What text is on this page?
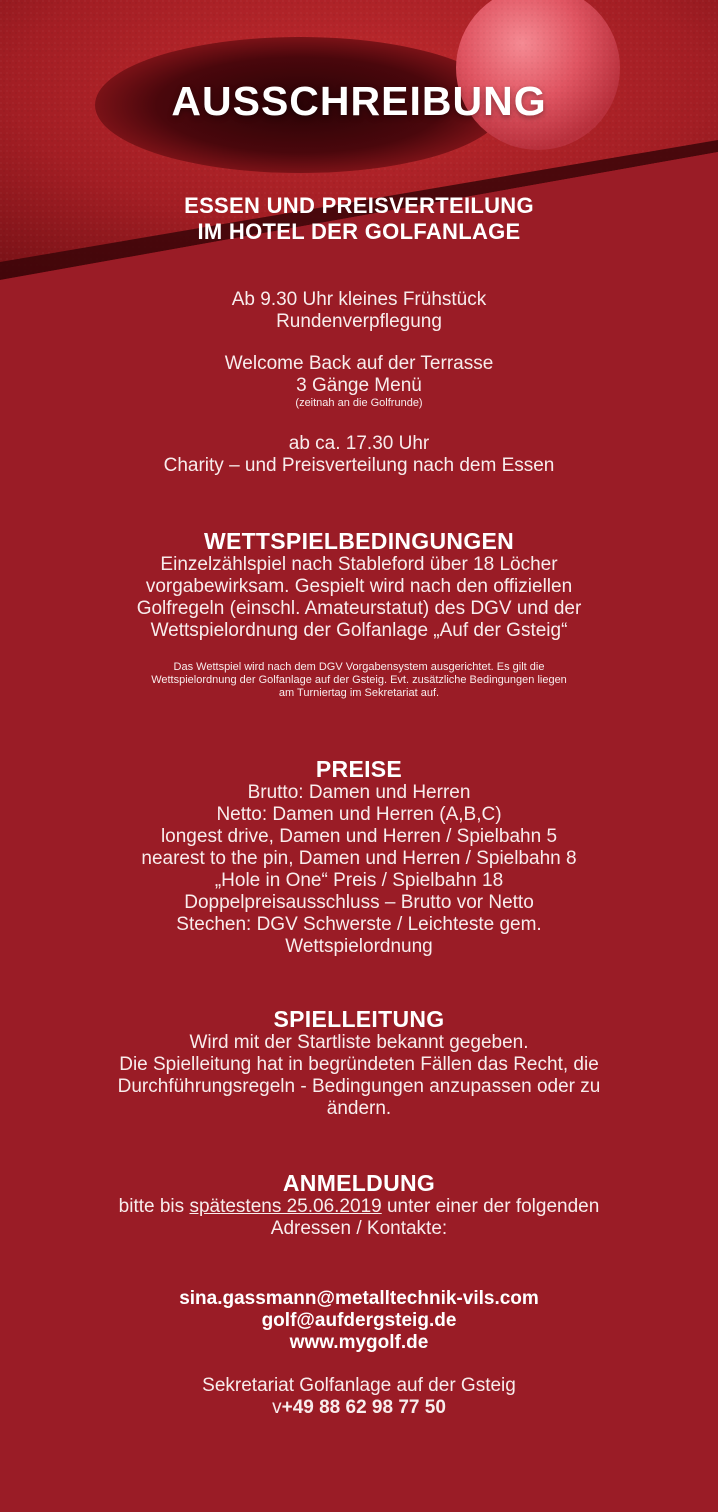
AUSSCHREIBUNG
ESSEN UND PREISVERTEILUNG
IM HOTEL DER GOLFANLAGE
Ab 9.30 Uhr kleines Frühstück
Rundenverpflegung
Welcome Back auf der Terrasse
3 Gänge Menü
(zeitnah an die Golfrunde)
ab ca. 17.30 Uhr
Charity – und Preisverteilung nach dem Essen
WETTSPIELBEDINGUNGEN
Einzelzählspiel nach Stableford über 18 Löcher
vorgabewirksam. Gespielt wird nach den offiziellen
Golfregeln (einschl. Amateurstatut) des DGV und der
Wettspielordnung der Golfanlage „Auf der Gsteig“
Das Wettspiel wird nach dem DGV Vorgabensystem ausgerichtet. Es gilt die
Wettspielordnung der Golfanlage auf der Gsteig. Evt. zusätzliche Bedingungen liegen
am Turniertag im Sekretariat auf.
PREISE
Brutto: Damen und Herren
Netto: Damen und Herren (A,B,C)
longest drive, Damen und Herren / Spielbahn 5
nearest to the pin, Damen und Herren / Spielbahn 8
„Hole in One“ Preis / Spielbahn 18
Doppelpreisausschluss – Brutto vor Netto
Stechen: DGV Schwerste / Leichteste gem.
Wettspielordnung
SPIELLEITUNG
Wird mit der Startliste bekannt gegeben.
Die Spielleitung hat in begründeten Fällen das Recht, die
Durchführungsregeln - Bedingungen anzupassen oder zu
ändern.
ANMELDUNG
bitte bis spätestens 25.06.2019 unter einer der folgenden
Adressen / Kontakte:
sina.gassmann@metalltechnik-vils.com
golf@aufdergsteig.de
www.mygolf.de
Sekretariat Golfanlage auf der Gsteig
v+49 88 62 98 77 50
